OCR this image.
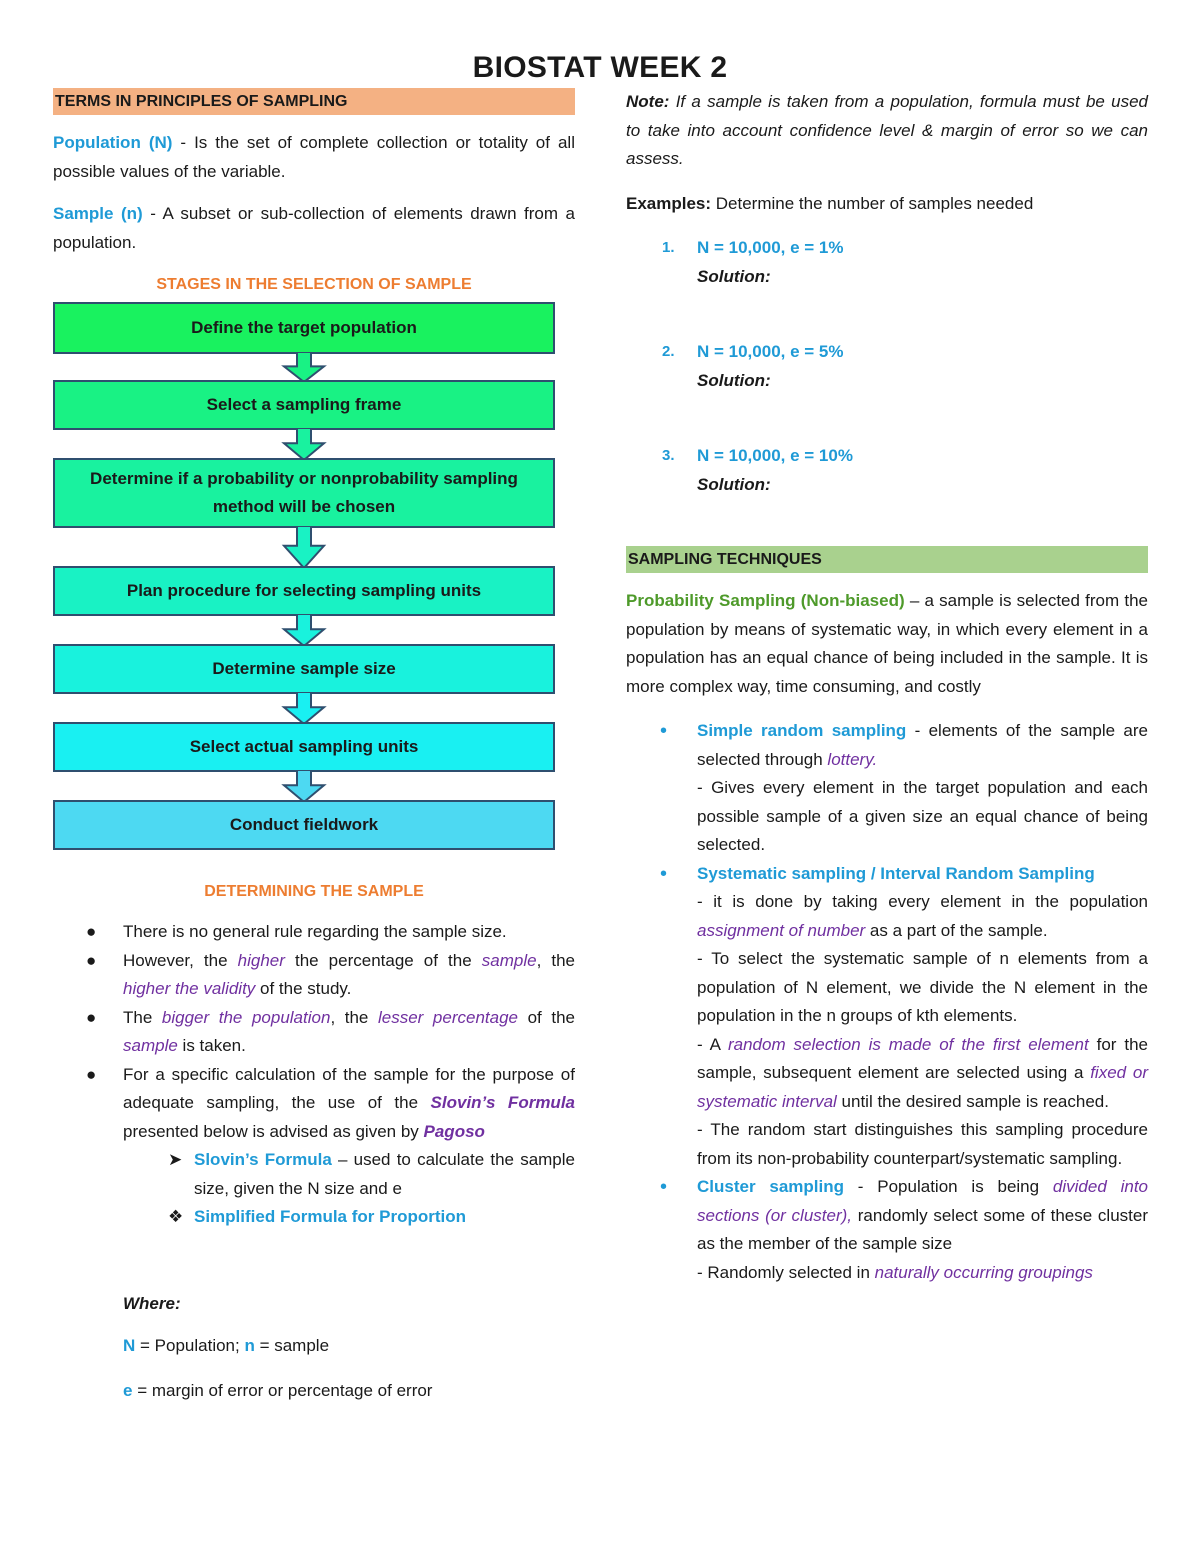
BIOSTAT WEEK 2
TERMS IN PRINCIPLES OF SAMPLING

Population (N) - Is the set of complete collection or totality of all possible values of the variable.

Sample (n) - A subset or sub-collection of elements drawn from a population.

STAGES IN THE SELECTION OF SAMPLE

Define the target population
Select a sampling frame
Determine if a probability or nonprobability sampling method will be chosen
Plan procedure for selecting sampling units
Determine sample size
Select actual sampling units
Conduct fieldwork

DETERMINING THE SAMPLE

● There is no general rule regarding the sample size.
● However, the higher the percentage of the sample, the higher the validity of the study.
● The bigger the population, the lesser percentage of the sample is taken.
● For a specific calculation of the sample for the purpose of adequate sampling, the use of the Slovin’s Formula presented below is advised as given by Pagoso

➤ Slovin’s Formula – used to calculate the sample size, given the N size and e

❖ Simplified Formula for Proportion

Where:

N = Population; n = sample

e = margin of error or percentage of error

Note: If a sample is taken from a population, formula must be used to take into account confidence level & margin of error so we can assess.

Examples: Determine the number of samples needed

1. N = 10,000, e = 1%
Solution:
2. N = 10,000, e = 5%
Solution:
3. N = 10,000, e = 10%
Solution:
SAMPLING TECHNIQUES

Probability Sampling (Non-biased) – a sample is selected from the population by means of systematic way, in which every element in a population has an equal chance of being included in the sample. It is more complex way, time consuming, and costly

• Simple random sampling - elements of the sample are selected through lottery.
- Gives every element in the target population and each possible sample of a given size an equal chance of being selected.
• Systematic sampling / Interval Random Sampling
- it is done by taking every element in the population assignment of number as a part of the sample.
- To select the systematic sample of n elements from a population of N element, we divide the N element in the population in the n groups of kth elements.
- A random selection is made of the first element for the sample, subsequent element are selected using a fixed or systematic interval until the desired sample is reached.
- The random start distinguishes this sampling procedure from its non-probability counterpart/systematic sampling.
• Cluster sampling - Population is being divided into sections (or cluster), randomly select some of these cluster as the member of the sample size
- Randomly selected in naturally occurring groupings
